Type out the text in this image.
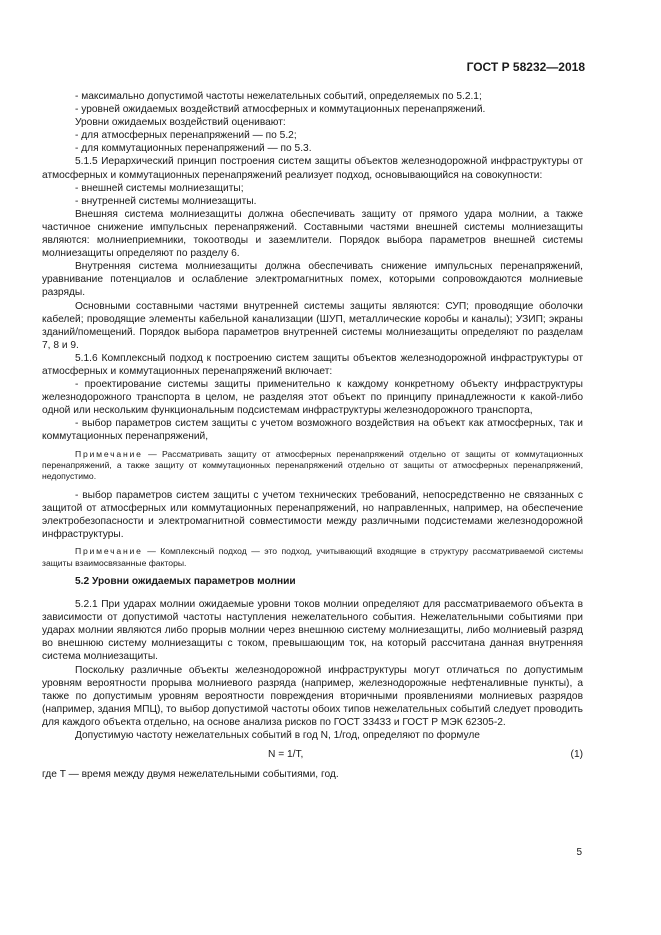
ГОСТ Р 58232—2018

- максимально допустимой частоты нежелательных событий, определяемых по 5.2.1;

- уровней ожидаемых воздействий атмосферных и коммутационных перенапряжений.

Уровни ожидаемых воздействий оценивают:

- для атмосферных перенапряжений — по 5.2;

- для коммутационных перенапряжений — по 5.3.

5.1.5 Иерархический принцип построения систем защиты объектов железнодорожной инфраструктуры от атмосферных и коммутационных перенапряжений реализует подход, основывающийся на совокупности:

- внешней системы молниезащиты;

- внутренней системы молниезащиты.

Внешняя система молниезащиты должна обеспечивать защиту от прямого удара молнии, а также частичное снижение импульсных перенапряжений. Составными частями внешней системы молниезащиты являются: молниеприемники, токоотводы и заземлители. Порядок выбора параметров внешней системы молниезащиты определяют по разделу 6.

Внутренняя система молниезащиты должна обеспечивать снижение импульсных перенапряжений, уравнивание потенциалов и ослабление электромагнитных помех, которыми сопровождаются молниевые разряды.

Основными составными частями внутренней системы защиты являются: СУП; проводящие оболочки кабелей; проводящие элементы кабельной канализации (ШУП, металлические коробы и каналы); УЗИП; экраны зданий/помещений. Порядок выбора параметров внутренней системы молниезащиты определяют по разделам 7, 8 и 9.

5.1.6 Комплексный подход к построению систем защиты объектов железнодорожной инфраструктуры от атмосферных и коммутационных перенапряжений включает:

- проектирование системы защиты применительно к каждому конкретному объекту инфраструктуры железнодорожного транспорта в целом, не разделяя этот объект по принципу принадлежности к какой-либо одной или нескольким функциональным подсистемам инфраструктуры железнодорожного транспорта,

- выбор параметров систем защиты с учетом возможного воздействия на объект как атмосферных, так и коммутационных перенапряжений,

Примечание — Рассматривать защиту от атмосферных перенапряжений отдельно от защиты от коммутационных перенапряжений, а также защиту от коммутационных перенапряжений отдельно от защиты от атмосферных перенапряжений, недопустимо.

- выбор параметров систем защиты с учетом технических требований, непосредственно не связанных с защитой от атмосферных или коммутационных перенапряжений, но направленных, например, на обеспечение электробезопасности и электромагнитной совместимости между различными подсистемами железнодорожной инфраструктуры.

Примечание — Комплексный подход — это подход, учитывающий входящие в структуру рассматриваемой системы защиты взаимосвязанные факторы.

5.2 Уровни ожидаемых параметров молнии

5.2.1 При ударах молнии ожидаемые уровни токов молнии определяют для рассматриваемого объекта в зависимости от допустимой частоты наступления нежелательного события. Нежелательными событиями при ударах молнии являются либо прорыв молнии через внешнюю систему молниезащиты, либо молниевый разряд во внешнюю систему молниезащиты с током, превышающим ток, на который рассчитана данная внутренняя система молниезащиты.

Поскольку различные объекты железнодорожной инфраструктуры могут отличаться по допустимым уровням вероятности прорыва молниевого разряда (например, железнодорожные нефтеналивные пункты), а также по допустимым уровням вероятности повреждения вторичными проявлениями молниевых разрядов (например, здания МПЦ), то выбор допустимой частоты обоих типов нежелательных событий следует проводить для каждого объекта отдельно, на основе анализа рисков по ГОСТ 33433 и ГОСТ Р МЭК 62305-2.

Допустимую частоту нежелательных событий в год N, 1/год, определяют по формуле

N = 1/T,	(1)

где T — время между двумя нежелательными событиями, год.

5
